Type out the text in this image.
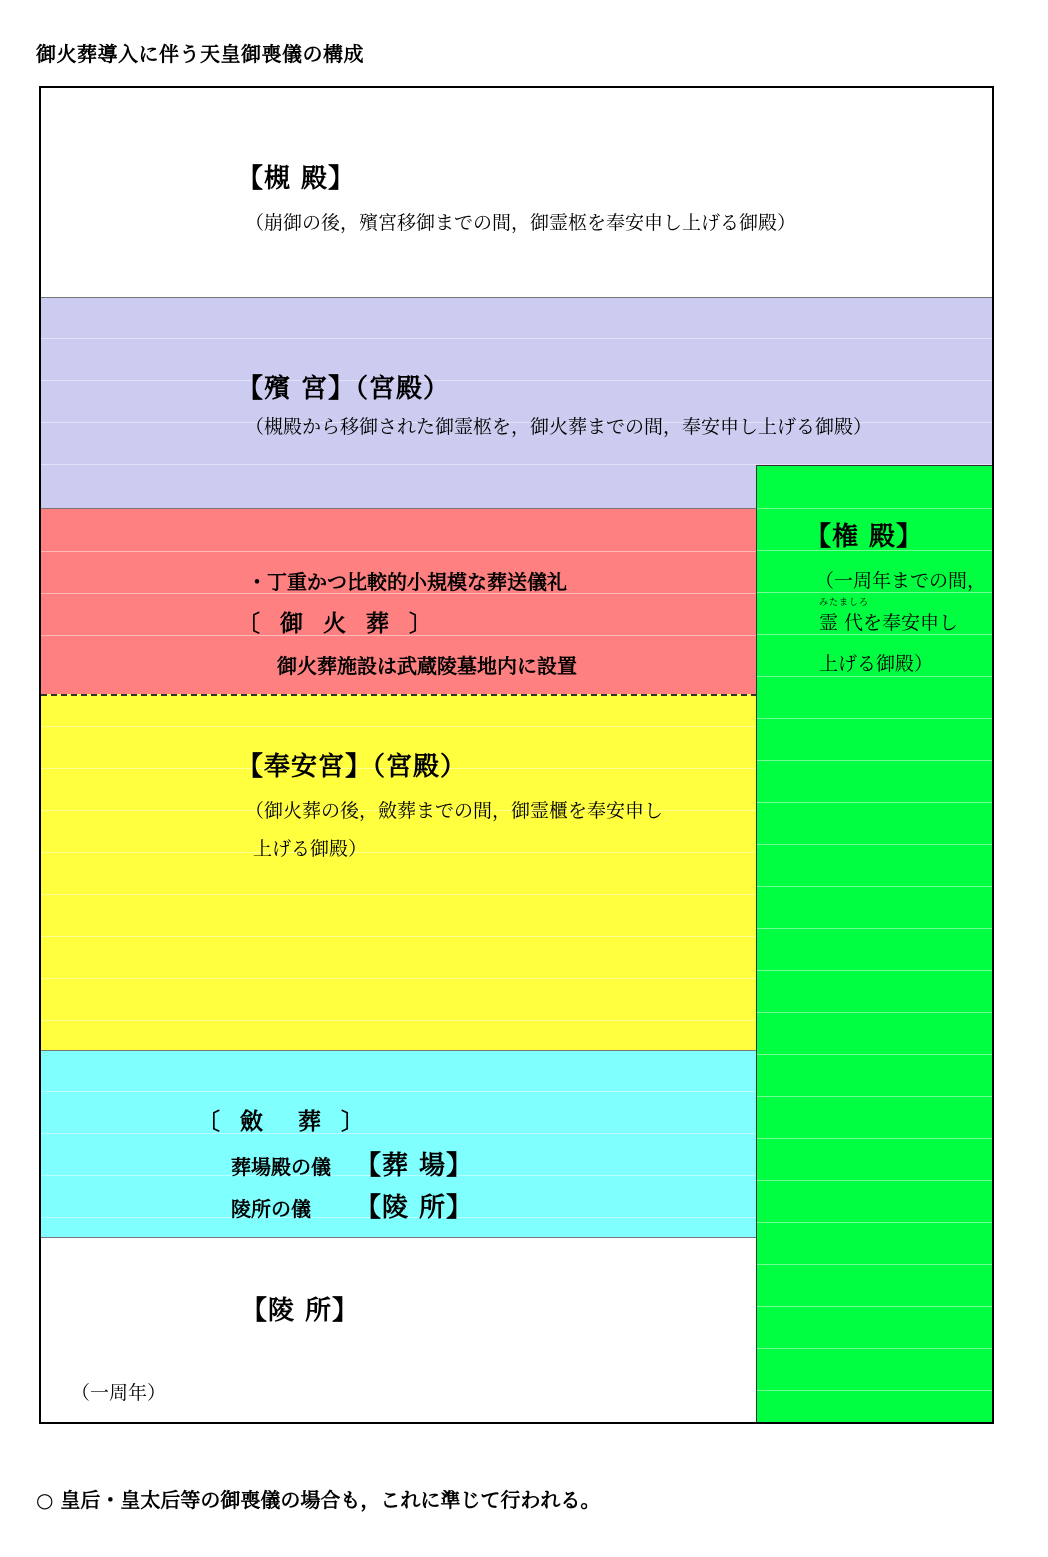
御火葬導入に伴う天皇御喪儀の構成
【槻 殿】
（崩御の後，殯宮移御までの間，御霊柩を奉安申し上げる御殿）
【殯 宮】（宮殿）
（槻殿から移御された御霊柩を，御火葬までの間，奉安申し上げる御殿）
・丁重かつ比較的小規模な葬送儀礼
〔 御 火 葬 〕
御火葬施設は武蔵陵墓地内に設置
【奉安宮】（宮殿）
（御火葬の後，斂葬までの間，御霊櫃を奉安申し
上げる御殿）
〔 斂　葬 〕
葬場殿の儀 【葬 場】
陵所の儀 【陵 所】
【陵 所】
（一周年）
【権 殿】
（一周年までの間，
みたましろ
霊 代を奉安申し
上げる御殿）
○ 皇后・皇太后等の御喪儀の場合も，これに準じて行われる。
